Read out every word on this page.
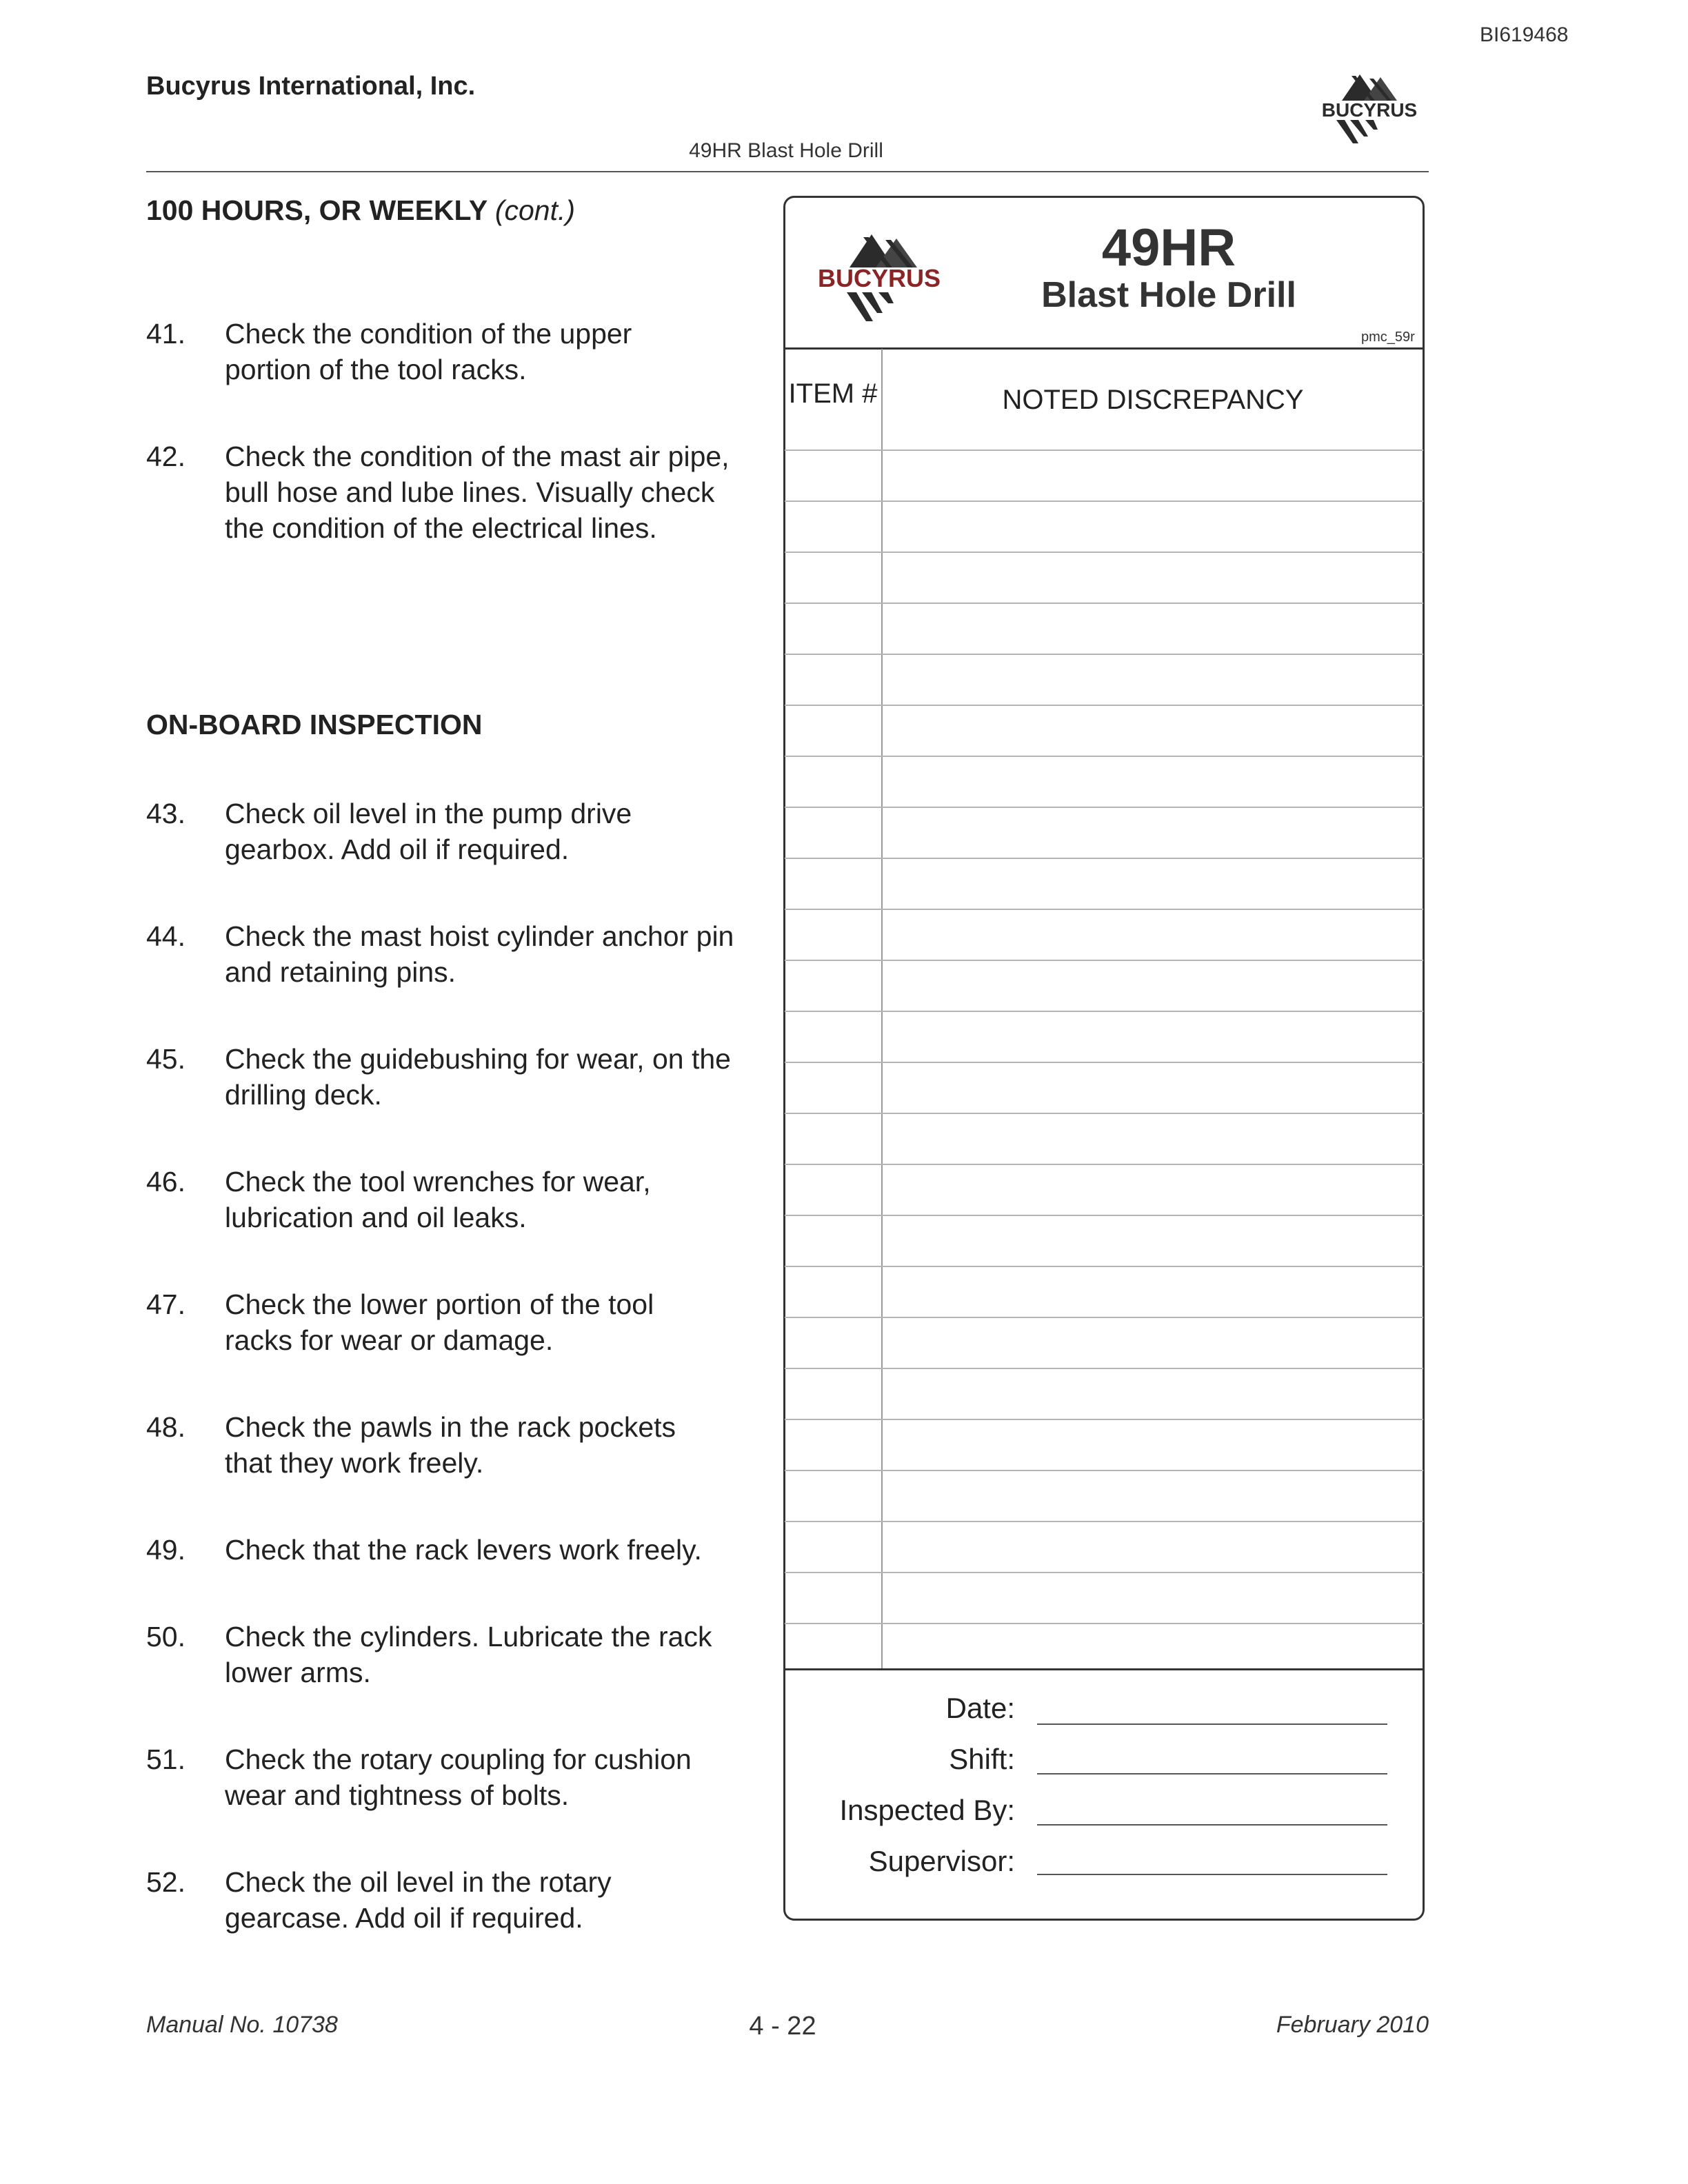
BI619468
Bucyrus International, Inc.
49HR Blast Hole Drill
BUCYRUS
100 HOURS, OR WEEKLY (cont.)
41. Check the condition of the upper portion of the tool racks.
42. Check the condition of the mast air pipe, bull hose and lube lines. Visually check the condition of the electrical lines.
ON-BOARD INSPECTION
43. Check oil level in the pump drive gearbox. Add oil if required.
44. Check the mast hoist cylinder anchor pin and retaining pins.
45. Check the guidebushing for wear, on the drilling deck.
46. Check the tool wrenches for wear, lubrication and oil leaks.
47. Check the lower portion of the tool racks for wear or damage.
48. Check the pawls in the rack pockets that they work freely.
49. Check that the rack levers work freely.
50. Check the cylinders. Lubricate the rack lower arms.
51. Check the rotary coupling for cushion wear and tightness of bolts.
52. Check the oil level in the rotary gearcase. Add oil if required.
BUCYRUS
49HR
Blast Hole Drill
pmc_59r
ITEM #	NOTED DISCREPANCY
Date:
Shift:
Inspected By:
Supervisor:
Manual No. 10738	4 - 22	February 2010
